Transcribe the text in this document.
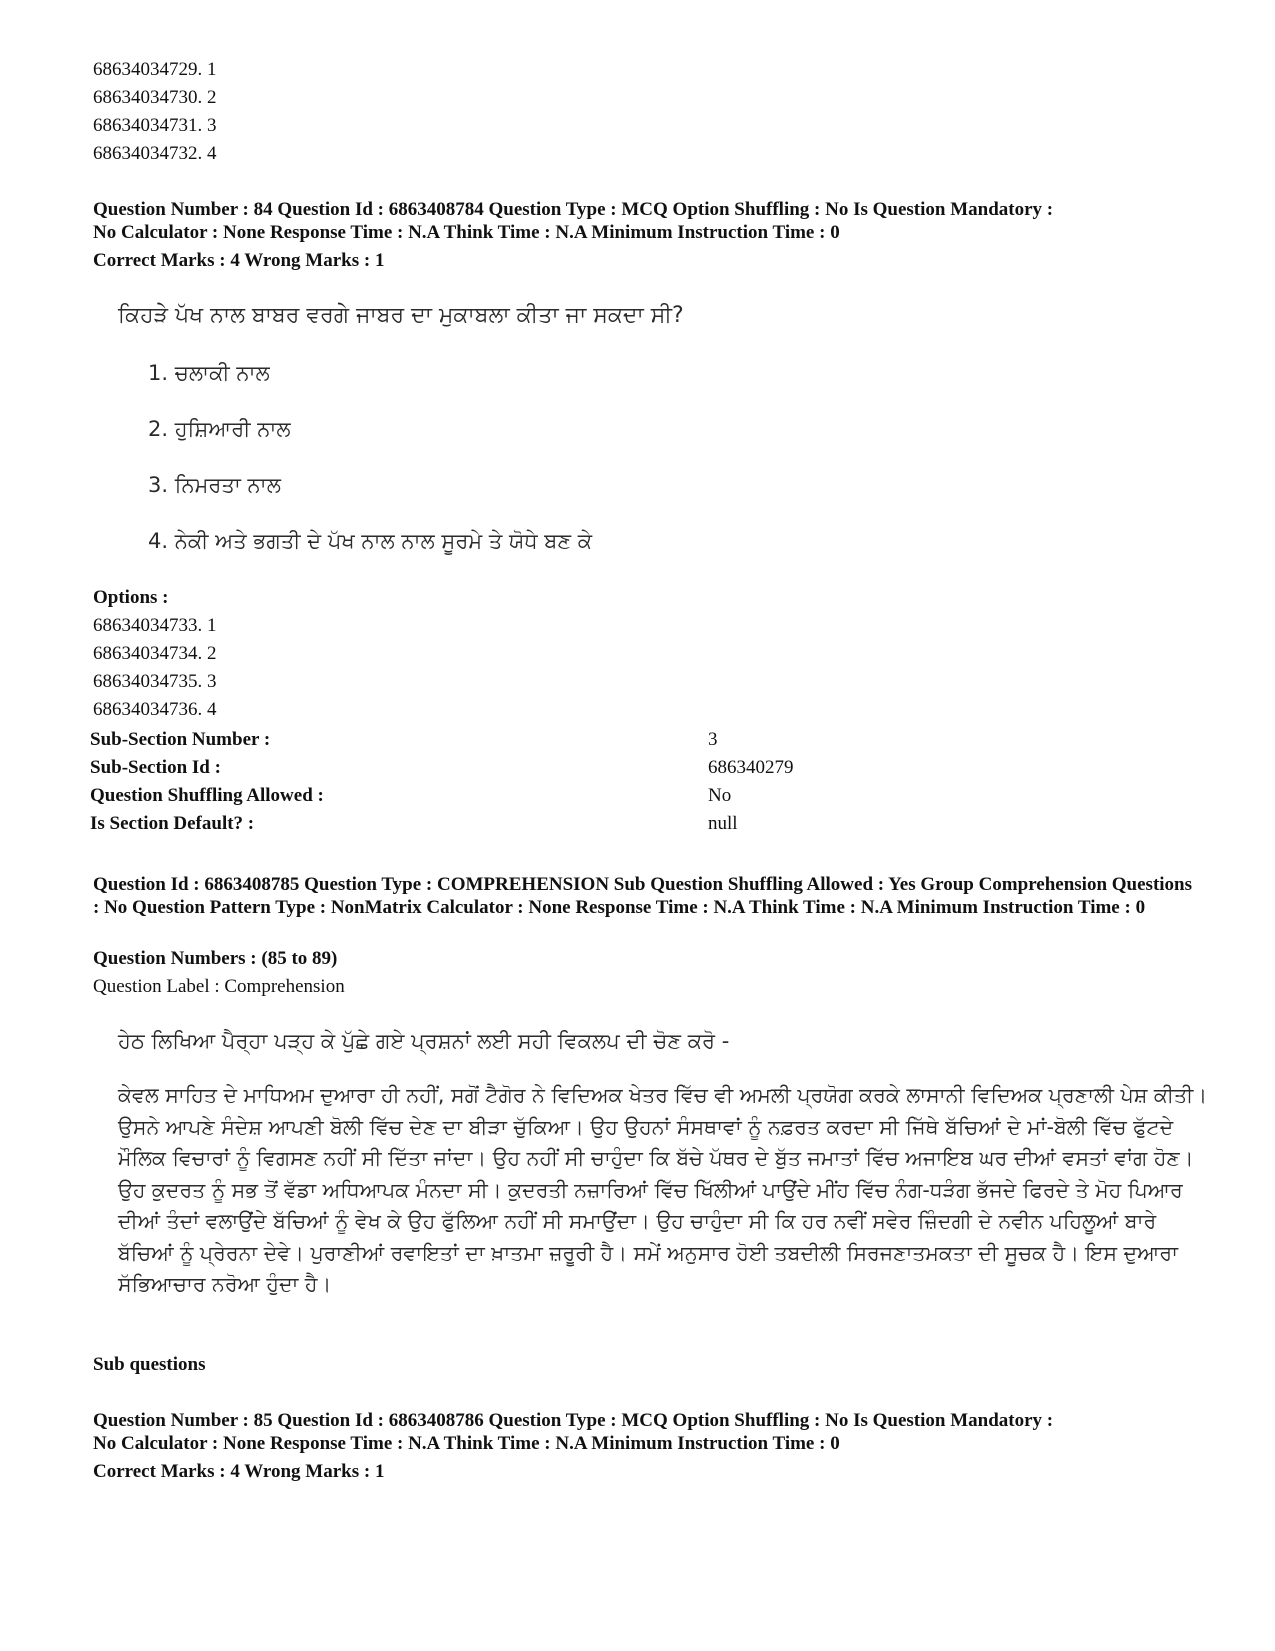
68634034729. 1
68634034730. 2
68634034731. 3
68634034732. 4
Question Number : 84 Question Id : 6863408784 Question Type : MCQ Option Shuffling : No Is Question Mandatory :
No Calculator : None Response Time : N.A Think Time : N.A Minimum Instruction Time : 0
Correct Marks : 4 Wrong Marks : 1
ਕਿਹੜੇ ਪੱਖ ਨਾਲ ਬਾਬਰ ਵਰਗੇ ਜਾਬਰ ਦਾ ਮੁਕਾਬਲਾ ਕੀਤਾ ਜਾ ਸਕਦਾ ਸੀ?
1. ਚਲਾਕੀ ਨਾਲ
2. ਹੁਸ਼ਿਆਰੀ ਨਾਲ
3. ਨਿਮਰਤਾ ਨਾਲ
4. ਨੇਕੀ ਅਤੇ ਭਗਤੀ ਦੇ ਪੱਖ ਨਾਲ ਨਾਲ ਸੂਰਮੇ ਤੇ ਯੋਧੇ ਬਣ ਕੇ
Options :
68634034733. 1
68634034734. 2
68634034735. 3
68634034736. 4
Sub-Section Number :	3
Sub-Section Id :	686340279
Question Shuffling Allowed :	No
Is Section Default? :	null
Question Id : 6863408785 Question Type : COMPREHENSION Sub Question Shuffling Allowed : Yes Group Comprehension Questions : No Question Pattern Type : NonMatrix Calculator : None Response Time : N.A Think Time : N.A Minimum Instruction Time : 0
Question Numbers : (85 to 89)
Question Label : Comprehension
ਹੇਠ ਲਿਖਿਆ ਪੈਰ੍ਹਾ ਪੜ੍ਹ ਕੇ ਪੁੱਛੇ ਗਏ ਪ੍ਰਸ਼ਨਾਂ ਲਈ ਸਹੀ ਵਿਕਲਪ ਦੀ ਚੋਣ ਕਰੋ -
ਕੇਵਲ ਸਾਹਿਤ ਦੇ ਮਾਧਿਅਮ ਦੁਆਰਾ ਹੀ ਨਹੀਂ, ਸਗੋਂ ਟੈਗੋਰ ਨੇ ਵਿਦਿਅਕ ਖੇਤਰ ਵਿੱਚ ਵੀ ਅਮਲੀ ਪ੍ਰਯੋਗ ਕਰਕੇ ਲਾਸਾਨੀ ਵਿਦਿਅਕ ਪ੍ਰਣਾਲੀ ਪੇਸ਼ ਕੀਤੀ। ਉਸਨੇ ਆਪਣੇ ਸੰਦੇਸ਼ ਆਪਣੀ ਬੋਲੀ ਵਿੱਚ ਦੇਣ ਦਾ ਬੀੜਾ ਚੁੱਕਿਆ। ਉਹ ਉਹਨਾਂ ਸੰਸਥਾਵਾਂ ਨੂੰ ਨਫ਼ਰਤ ਕਰਦਾ ਸੀ ਜਿੱਥੇ ਬੱਚਿਆਂ ਦੇ ਮਾਂ-ਬੋਲੀ ਵਿੱਚ ਫੁੱਟਦੇ ਮੌਲਿਕ ਵਿਚਾਰਾਂ ਨੂੰ ਵਿਗਸਣ ਨਹੀਂ ਸੀ ਦਿੱਤਾ ਜਾਂਦਾ। ਉਹ ਨਹੀਂ ਸੀ ਚਾਹੁੰਦਾ ਕਿ ਬੱਚੇ ਪੱਥਰ ਦੇ ਬੁੱਤ ਜਮਾਤਾਂ ਵਿੱਚ ਅਜਾਇਬ ਘਰ ਦੀਆਂ ਵਸਤਾਂ ਵਾਂਗ ਹੋਣ। ਉਹ ਕੁਦਰਤ ਨੂੰ ਸਭ ਤੋਂ ਵੱਡਾ ਅਧਿਆਪਕ ਮੰਨਦਾ ਸੀ। ਕੁਦਰਤੀ ਨਜ਼ਾਰਿਆਂ ਵਿੱਚ ਖਿੱਲੀਆਂ ਪਾਉਂਦੇ ਮੀਂਹ ਵਿੱਚ ਨੰਗ-ਧੜੰਗ ਭੱਜਦੇ ਫਿਰਦੇ ਤੇ ਮੋਹ ਪਿਆਰ ਦੀਆਂ ਤੰਦਾਂ ਵਲਾਉਂਦੇ ਬੱਚਿਆਂ ਨੂੰ ਵੇਖ ਕੇ ਉਹ ਫੁੱਲਿਆ ਨਹੀਂ ਸੀ ਸਮਾਉਂਦਾ। ਉਹ ਚਾਹੁੰਦਾ ਸੀ ਕਿ ਹਰ ਨਵੀਂ ਸਵੇਰ ਜ਼ਿੰਦਗੀ ਦੇ ਨਵੀਨ ਪਹਿਲੂਆਂ ਬਾਰੇ ਬੱਚਿਆਂ ਨੂੰ ਪ੍ਰੇਰਨਾ ਦੇਵੇ। ਪੁਰਾਣੀਆਂ ਰਵਾਇਤਾਂ ਦਾ ਖ਼ਾਤਮਾ ਜ਼ਰੂਰੀ ਹੈ। ਸਮੇਂ ਅਨੁਸਾਰ ਹੋਈ ਤਬਦੀਲੀ ਸਿਰਜਣਾਤਮਕਤਾ ਦੀ ਸੂਚਕ ਹੈ। ਇਸ ਦੁਆਰਾ ਸੱਭਿਆਚਾਰ ਨਰੋਆ ਹੁੰਦਾ ਹੈ।
Sub questions
Question Number : 85 Question Id : 6863408786 Question Type : MCQ Option Shuffling : No Is Question Mandatory :
No Calculator : None Response Time : N.A Think Time : N.A Minimum Instruction Time : 0
Correct Marks : 4 Wrong Marks : 1
